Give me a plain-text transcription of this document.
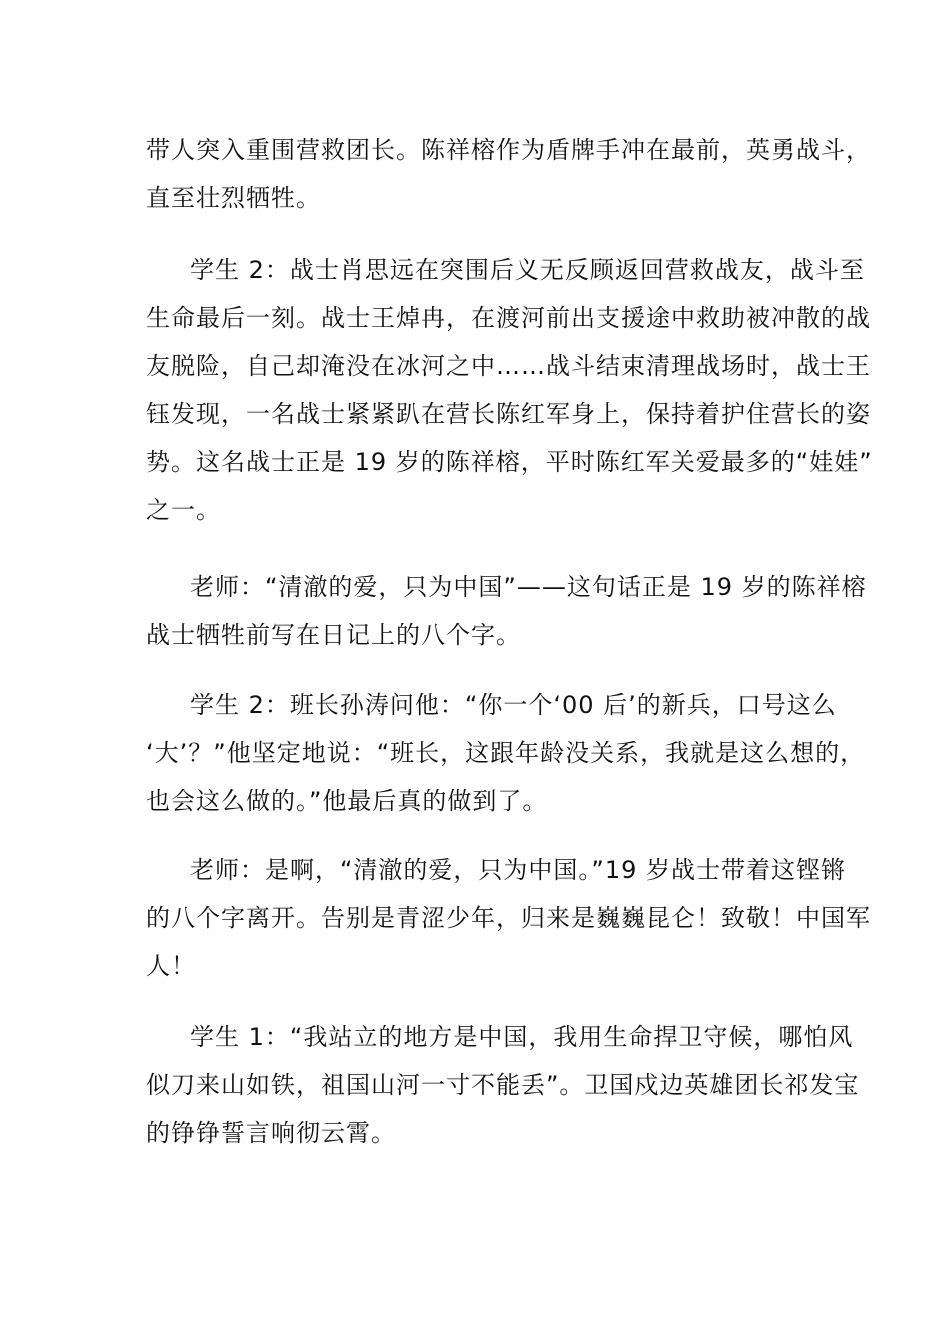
带人突入重围营救团长。陈祥榕作为盾牌手冲在最前，英勇战斗，
直至壮烈牺牲。
学生 2：战士肖思远在突围后义无反顾返回营救战友，战斗至
生命最后一刻。战士王焯冉，在渡河前出支援途中救助被冲散的战
友脱险，自己却淹没在冰河之中……战斗结束清理战场时，战士王
钰发现，一名战士紧紧趴在营长陈红军身上，保持着护住营长的姿
势。这名战士正是 19 岁的陈祥榕，平时陈红军关爱最多的“娃娃”
之一。
老师：“清澈的爱，只为中国”——这句话正是 19 岁的陈祥榕
战士牺牲前写在日记上的八个字。
学生 2：班长孙涛问他：“你一个‘00 后’的新兵，口号这么
‘大’？”他坚定地说：“班长，这跟年龄没关系，我就是这么想的，
也会这么做的。”他最后真的做到了。
老师：是啊，“清澈的爱，只为中国。”19 岁战士带着这铿锵
的八个字离开。告别是青涩少年，归来是巍巍昆仑！致敬！中国军
人！
学生 1：“我站立的地方是中国，我用生命捍卫守候，哪怕风
似刀来山如铁，祖国山河一寸不能丢”。卫国戍边英雄团长祁发宝
的铮铮誓言响彻云霄。
